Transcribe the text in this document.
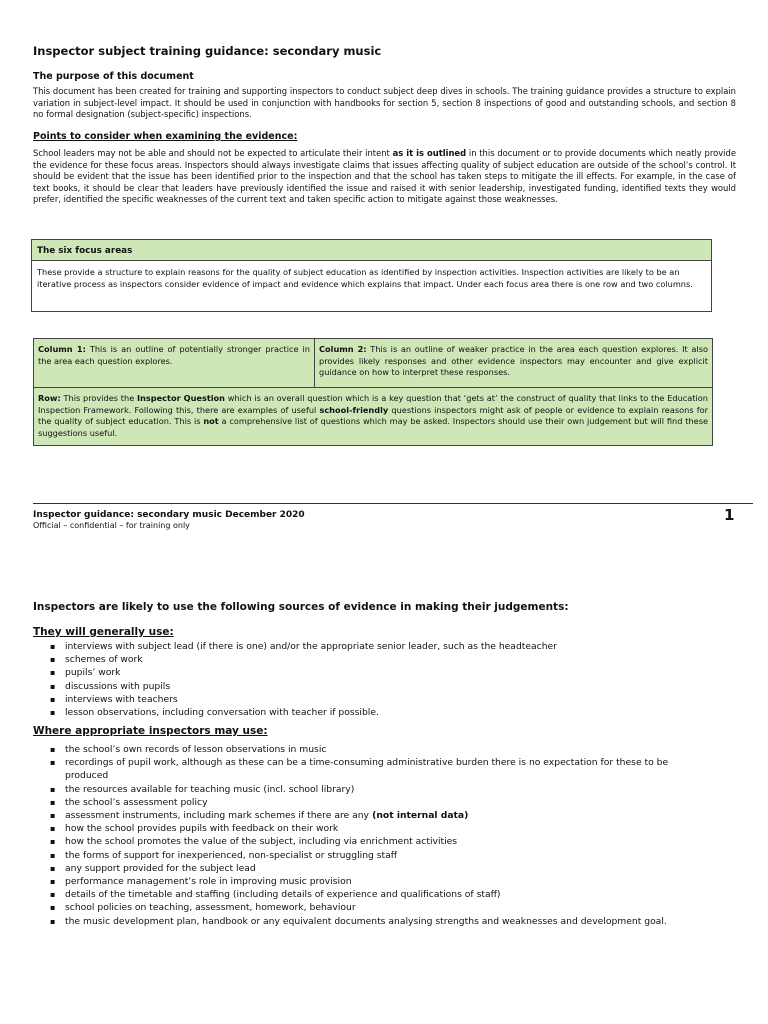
Inspector subject training guidance: secondary music
The purpose of this document
This document has been created for training and supporting inspectors to conduct subject deep dives in schools. The training guidance provides a structure to explain variation in subject-level impact. It should be used in conjunction with handbooks for section 5, section 8 inspections of good and outstanding schools, and section 8 no formal designation (subject-specific) inspections.
Points to consider when examining the evidence:
School leaders may not be able and should not be expected to articulate their intent as it is outlined in this document or to provide documents which neatly provide the evidence for these focus areas. Inspectors should always investigate claims that issues affecting quality of subject education are outside of the school’s control. It should be evident that the issue has been identified prior to the inspection and that the school has taken steps to mitigate the ill effects. For example, in the case of text books, it should be clear that leaders have previously identified the issue and raised it with senior leadership, investigated funding, identified texts they would prefer, identified the specific weaknesses of the current text and taken specific action to mitigate against those weaknesses.
The six focus areas
These provide a structure to explain reasons for the quality of subject education as identified by inspection activities. Inspection activities are likely to be an iterative process as inspectors consider evidence of impact and evidence which explains that impact. Under each focus area there is one row and two columns.
Column 1: This is an outline of potentially stronger practice in the area each question explores.
Column 2: This is an outline of weaker practice in the area each question explores. It also provides likely responses and other evidence inspectors may encounter and give explicit guidance on how to interpret these responses.
Row: This provides the Inspector Question which is an overall question which is a key question that ‘gets at’ the construct of quality that links to the Education Inspection Framework. Following this, there are examples of useful school-friendly questions inspectors might ask of people or evidence to explain reasons for the quality of subject education. This is not a comprehensive list of questions which may be asked. Inspectors should use their own judgement but will find these suggestions useful.
Inspector guidance: secondary music December 2020
Official – confidential – for training only
1
Inspectors are likely to use the following sources of evidence in making their judgements:
They will generally use:
▪ interviews with subject lead (if there is one) and/or the appropriate senior leader, such as the headteacher
▪ schemes of work
▪ pupils’ work
▪ discussions with pupils
▪ interviews with teachers
▪ lesson observations, including conversation with teacher if possible.
Where appropriate inspectors may use:
▪ the school’s own records of lesson observations in music
▪ recordings of pupil work, although as these can be a time-consuming administrative burden there is no expectation for these to be produced
▪ the resources available for teaching music (incl. school library)
▪ the school’s assessment policy
▪ assessment instruments, including mark schemes if there are any (not internal data)
▪ how the school provides pupils with feedback on their work
▪ how the school promotes the value of the subject, including via enrichment activities
▪ the forms of support for inexperienced, non-specialist or struggling staff
▪ any support provided for the subject lead
▪ performance management’s role in improving music provision
▪ details of the timetable and staffing (including details of experience and qualifications of staff)
▪ school policies on teaching, assessment, homework, behaviour
▪ the music development plan, handbook or any equivalent documents analysing strengths and weaknesses and development goal.
